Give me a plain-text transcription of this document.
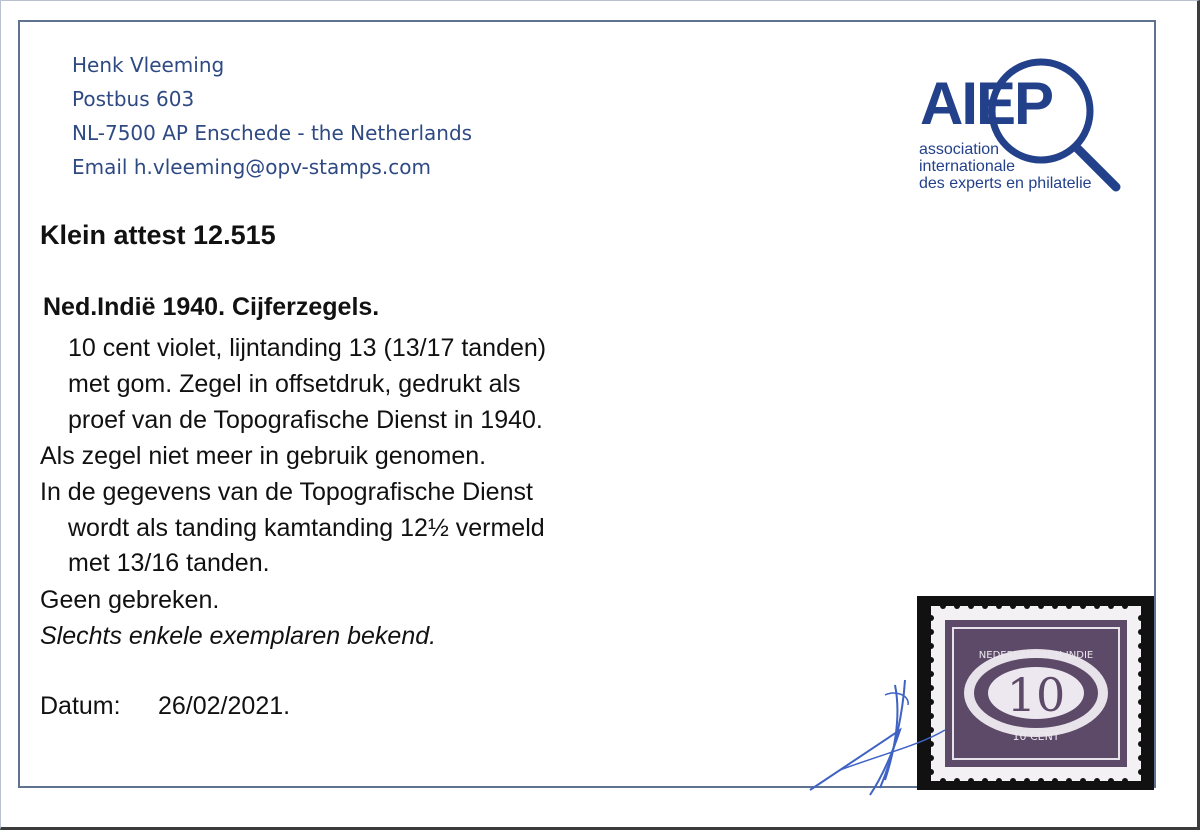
Henk Vleeming
Postbus 603
NL-7500 AP Enschede - the Netherlands
Email h.vleeming@opv-stamps.com
AIEP
association
internationale
des experts en philatelie
Klein attest 12.515
Ned.Indië 1940. Cijferzegels.
10 cent violet, lijntanding 13 (13/17 tanden)
met gom. Zegel in offsetdruk, gedrukt als
proef van de Topografische Dienst in 1940.
Als zegel niet meer in gebruik genomen.
In de gegevens van de Topografische Dienst
wordt als tanding kamtanding 12½ vermeld
met 13/16 tanden.
Geen gebreken.
Slechts enkele exemplaren bekend.
Datum: 26/02/2021.
NEDERLANDSCH-INDIE
10
10 CENT
